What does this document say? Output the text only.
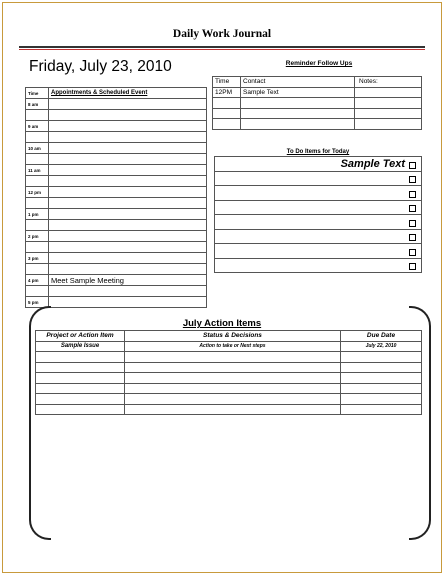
Daily Work Journal
Friday, July 23, 2010
Time	Appointments & Scheduled Event
8 am	

9 am	

10 am	

11 am	

12 pm	

1 pm	

2 pm	

3 pm	

4 pm	Meet Sample Meeting

5 pm	
Reminder Follow Ups
Time	Contact	Notes:
12PM	Sample Text	

To Do Items for Today
Sample Text

July Action Items
Project or Action Item	Status & Decisions	Due Date
Sample Issue	Action to take or Next steps	July 22, 2010
